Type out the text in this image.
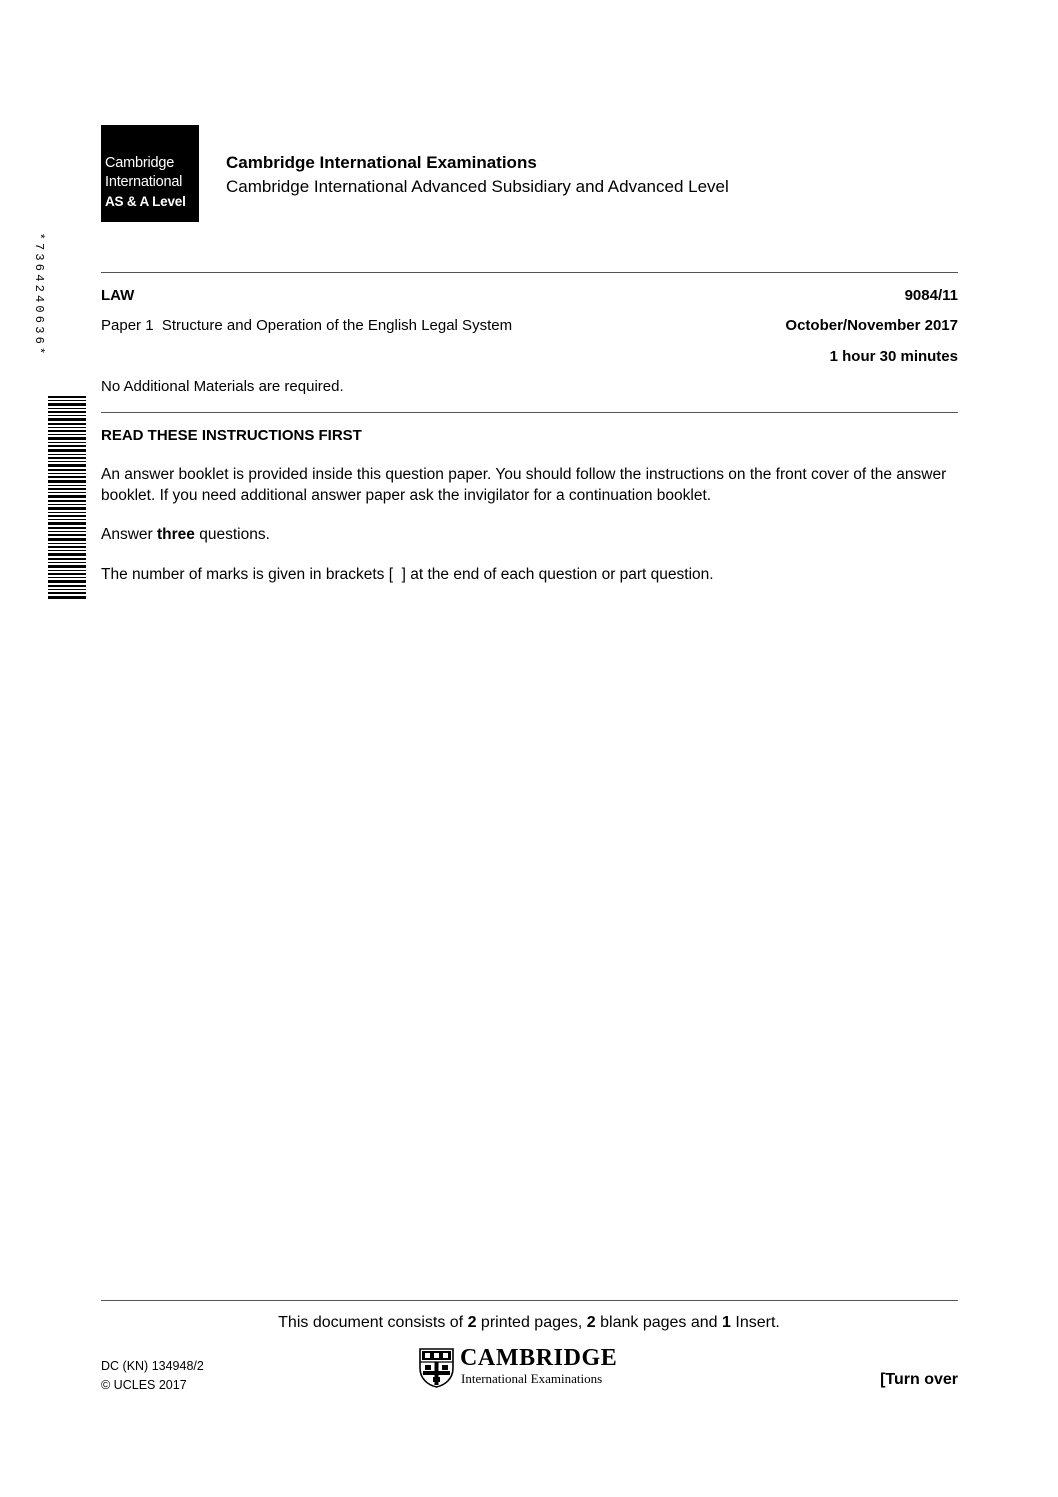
Cambridge
International
AS & A Level
Cambridge International Examinations
Cambridge International Advanced Subsidiary and Advanced Level
LAW	9084/11
Paper 1  Structure and Operation of the English Legal System	October/November 2017
1 hour 30 minutes
No Additional Materials are required.
*7364240636*
READ THESE INSTRUCTIONS FIRST
An answer booklet is provided inside this question paper. You should follow the instructions on the front cover of the answer booklet. If you need additional answer paper ask the invigilator for a continuation booklet.
Answer three questions.
The number of marks is given in brackets [  ] at the end of each question or part question.
This document consists of 2 printed pages, 2 blank pages and 1 Insert.
DC (KN) 134948/2
© UCLES 2017
CAMBRIDGE
International Examinations	[Turn over
